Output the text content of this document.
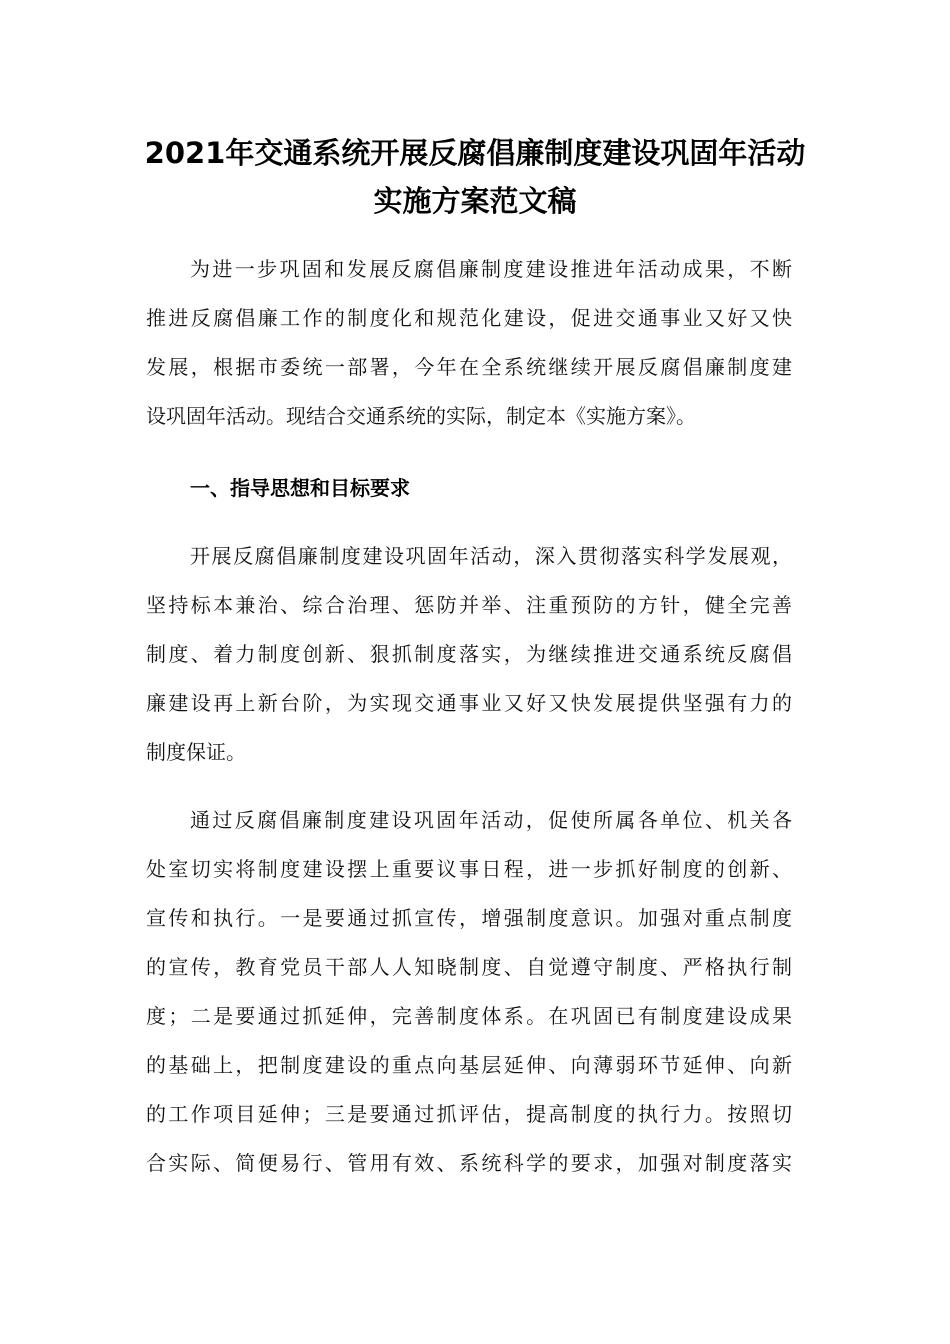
2021年交通系统开展反腐倡廉制度建设巩固年活动
实施方案范文稿
为进一步巩固和发展反腐倡廉制度建设推进年活动成果，不断
推进反腐倡廉工作的制度化和规范化建设，促进交通事业又好又快
发展，根据市委统一部署，今年在全系统继续开展反腐倡廉制度建
设巩固年活动。现结合交通系统的实际，制定本《实施方案》。
一、指导思想和目标要求
开展反腐倡廉制度建设巩固年活动，深入贯彻落实科学发展观，
坚持标本兼治、综合治理、惩防并举、注重预防的方针，健全完善
制度、着力制度创新、狠抓制度落实，为继续推进交通系统反腐倡
廉建设再上新台阶，为实现交通事业又好又快发展提供坚强有力的
制度保证。
通过反腐倡廉制度建设巩固年活动，促使所属各单位、机关各
处室切实将制度建设摆上重要议事日程，进一步抓好制度的创新、
宣传和执行。一是要通过抓宣传，增强制度意识。加强对重点制度
的宣传，教育党员干部人人知晓制度、自觉遵守制度、严格执行制
度；二是要通过抓延伸，完善制度体系。在巩固已有制度建设成果
的基础上，把制度建设的重点向基层延伸、向薄弱环节延伸、向新
的工作项目延伸；三是要通过抓评估，提高制度的执行力。按照切
合实际、简便易行、管用有效、系统科学的要求，加强对制度落实
